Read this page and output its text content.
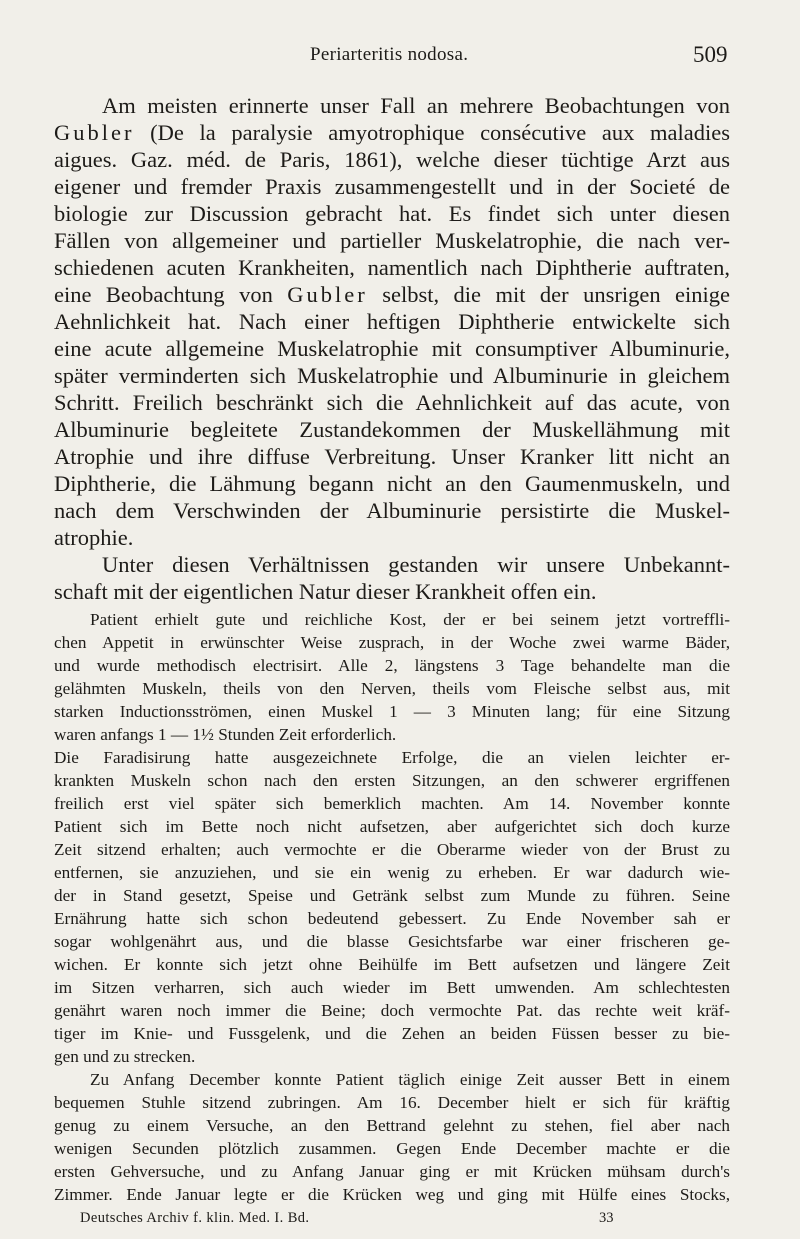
Periarteritis nodosa.	509
Am meisten erinnerte unser Fall an mehrere Beobachtungen von
Gubler (De la paralysie amyotrophique consécutive aux maladies
aigues. Gaz. méd. de Paris, 1861), welche dieser tüchtige Arzt aus
eigener und fremder Praxis zusammengestellt und in der Societé de
biologie zur Discussion gebracht hat. Es findet sich unter diesen
Fällen von allgemeiner und partieller Muskelatrophie, die nach ver-
schiedenen acuten Krankheiten, namentlich nach Diphtherie auftraten,
eine Beobachtung von Gubler selbst, die mit der unsrigen einige
Aehnlichkeit hat. Nach einer heftigen Diphtherie entwickelte sich
eine acute allgemeine Muskelatrophie mit consumptiver Albuminurie,
später verminderten sich Muskelatrophie und Albuminurie in gleichem
Schritt. Freilich beschränkt sich die Aehnlichkeit auf das acute, von
Albuminurie begleitete Zustandekommen der Muskellähmung mit
Atrophie und ihre diffuse Verbreitung. Unser Kranker litt nicht an
Diphtherie, die Lähmung begann nicht an den Gaumenmuskeln, und
nach dem Verschwinden der Albuminurie persistirte die Muskel-
atrophie.
Unter diesen Verhältnissen gestanden wir unsere Unbekannt-
schaft mit der eigentlichen Natur dieser Krankheit offen ein.
Patient erhielt gute und reichliche Kost, der er bei seinem jetzt vortreffli-
chen Appetit in erwünschter Weise zusprach, in der Woche zwei warme Bäder,
und wurde methodisch electrisirt. Alle 2, längstens 3 Tage behandelte man die
gelähmten Muskeln, theils von den Nerven, theils vom Fleische selbst aus, mit
starken Inductionsströmen, einen Muskel 1 — 3 Minuten lang; für eine Sitzung
waren anfangs 1 — 1½ Stunden Zeit erforderlich.
Die Faradisirung hatte ausgezeichnete Erfolge, die an vielen leichter er-
krankten Muskeln schon nach den ersten Sitzungen, an den schwerer ergriffenen
freilich erst viel später sich bemerklich machten. Am 14. November konnte
Patient sich im Bette noch nicht aufsetzen, aber aufgerichtet sich doch kurze
Zeit sitzend erhalten; auch vermochte er die Oberarme wieder von der Brust zu
entfernen, sie anzuziehen, und sie ein wenig zu erheben. Er war dadurch wie-
der in Stand gesetzt, Speise und Getränk selbst zum Munde zu führen. Seine
Ernährung hatte sich schon bedeutend gebessert. Zu Ende November sah er
sogar wohlgenährt aus, und die blasse Gesichtsfarbe war einer frischeren ge-
wichen. Er konnte sich jetzt ohne Beihülfe im Bett aufsetzen und längere Zeit
im Sitzen verharren, sich auch wieder im Bett umwenden. Am schlechtesten
genährt waren noch immer die Beine; doch vermochte Pat. das rechte weit kräf-
tiger im Knie- und Fussgelenk, und die Zehen an beiden Füssen besser zu bie-
gen und zu strecken.
Zu Anfang December konnte Patient täglich einige Zeit ausser Bett in einem
bequemen Stuhle sitzend zubringen. Am 16. December hielt er sich für kräftig
genug zu einem Versuche, an den Bettrand gelehnt zu stehen, fiel aber nach
wenigen Secunden plötzlich zusammen. Gegen Ende December machte er die
ersten Gehversuche, und zu Anfang Januar ging er mit Krücken mühsam durch's
Zimmer. Ende Januar legte er die Krücken weg und ging mit Hülfe eines Stocks,
Deutsches Archiv f. klin. Med. I. Bd.	33
